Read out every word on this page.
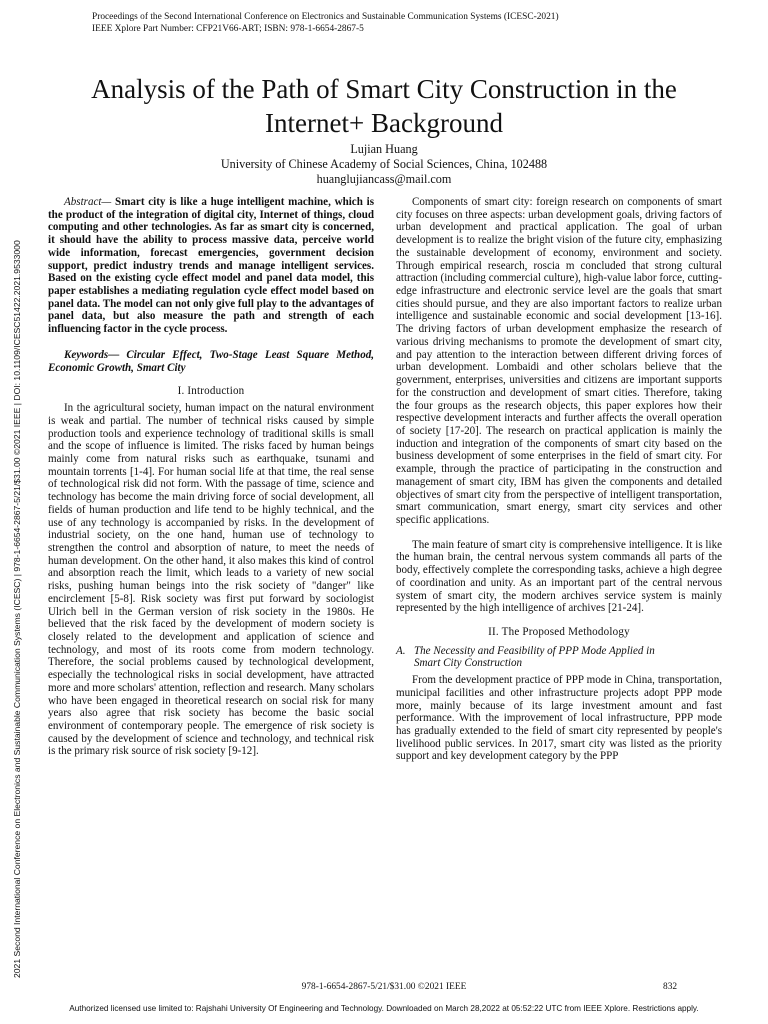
Proceedings of the Second International Conference on Electronics and Sustainable Communication Systems (ICESC-2021)
IEEE Xplore Part Number: CFP21V66-ART; ISBN: 978-1-6654-2867-5
Analysis of the Path of Smart City Construction in the
Internet+ Background
Lujian Huang
University of Chinese Academy of Social Sciences, China, 102488
huanglujiancass@mail.com
2021 Second International Conference on Electronics and Sustainable Communication Systems (ICESC) | 978-1-6654-2867-5/21/$31.00 ©2021 IEEE | DOI: 10.1109/ICESC51422.2021.9533000

Abstract— Smart city is like a huge intelligent machine, which is the product of the integration of digital city, Internet of things, cloud computing and other technologies. As far as smart city is concerned, it should have the ability to process massive data, perceive world wide information, forecast emergencies, government decision support, predict industry trends and manage intelligent services. Based on the existing cycle effect model and panel data model, this paper establishes a mediating regulation cycle effect model based on panel data. The model can not only give full play to the advantages of panel data, but also measure the path and strength of each influencing factor in the cycle process.

Keywords— Circular Effect, Two-Stage Least Square Method, Economic Growth, Smart City

I. Introduction

In the agricultural society, human impact on the natural environment is weak and partial. The number of technical risks caused by simple production tools and experience technology of traditional skills is small and the scope of influence is limited. The risks faced by human beings mainly come from natural risks such as earthquake, tsunami and mountain torrents [1-4]. For human social life at that time, the real sense of technological risk did not form. With the passage of time, science and technology has become the main driving force of social development, all fields of human production and life tend to be highly technical, and the use of any technology is accompanied by risks. In the development of industrial society, on the one hand, human use of technology to strengthen the control and absorption of nature, to meet the needs of human development. On the other hand, it also makes this kind of control and absorption reach the limit, which leads to a variety of new social risks, pushing human beings into the risk society of "danger" like encirclement [5-8]. Risk society was first put forward by sociologist Ulrich bell in the German version of risk society in the 1980s. He believed that the risk faced by the development of modern society is closely related to the development and application of science and technology, and most of its roots come from modern technology. Therefore, the social problems caused by technological development, especially the technological risks in social development, have attracted more and more scholars' attention, reflection and research. Many scholars who have been engaged in theoretical research on social risk for many years also agree that risk society has become the basic social environment of contemporary people. The emergence of risk society is caused by the development of science and technology, and technical risk is the primary risk source of risk society [9-12].

Components of smart city: foreign research on components of smart city focuses on three aspects: urban development goals, driving factors of urban development and practical application. The goal of urban development is to realize the bright vision of the future city, emphasizing the sustainable development of economy, environment and society. Through empirical research, roscia m concluded that strong cultural attraction (including commercial culture), high-value labor force, cutting-edge infrastructure and electronic service level are the goals that smart cities should pursue, and they are also important factors to realize urban intelligence and sustainable economic and social development [13-16]. The driving factors of urban development emphasize the research of various driving mechanisms to promote the development of smart city, and pay attention to the interaction between different driving forces of urban development. Lombaidi and other scholars believe that the government, enterprises, universities and citizens are important supports for the construction and development of smart cities. Therefore, taking the four groups as the research objects, this paper explores how their respective development interacts and further affects the overall operation of society [17-20]. The research on practical application is mainly the induction and integration of the components of smart city based on the business development of some enterprises in the field of smart city. For example, through the practice of participating in the construction and management of smart city, IBM has given the components and detailed objectives of smart city from the perspective of intelligent transportation, smart communication, smart energy, smart city services and other specific applications.

The main feature of smart city is comprehensive intelligence. It is like the human brain, the central nervous system commands all parts of the body, effectively complete the corresponding tasks, achieve a high degree of coordination and unity. As an important part of the central nervous system of smart city, the modern archives service system is mainly represented by the high intelligence of archives [21-24].

II. The Proposed Methodology

A. The Necessity and Feasibility of PPP Mode Applied in
Smart City Construction

From the development practice of PPP mode in China, transportation, municipal facilities and other infrastructure projects adopt PPP mode more, mainly because of its large investment amount and fast performance. With the improvement of local infrastructure, PPP mode has gradually extended to the field of smart city represented by people's livelihood public services. In 2017, smart city was listed as the priority support and key development category by the PPP

978-1-6654-2867-5/21/$31.00 ©2021 IEEE	832
Authorized licensed use limited to: Rajshahi University Of Engineering and Technology. Downloaded on March 28,2022 at 05:52:22 UTC from IEEE Xplore. Restrictions apply.
